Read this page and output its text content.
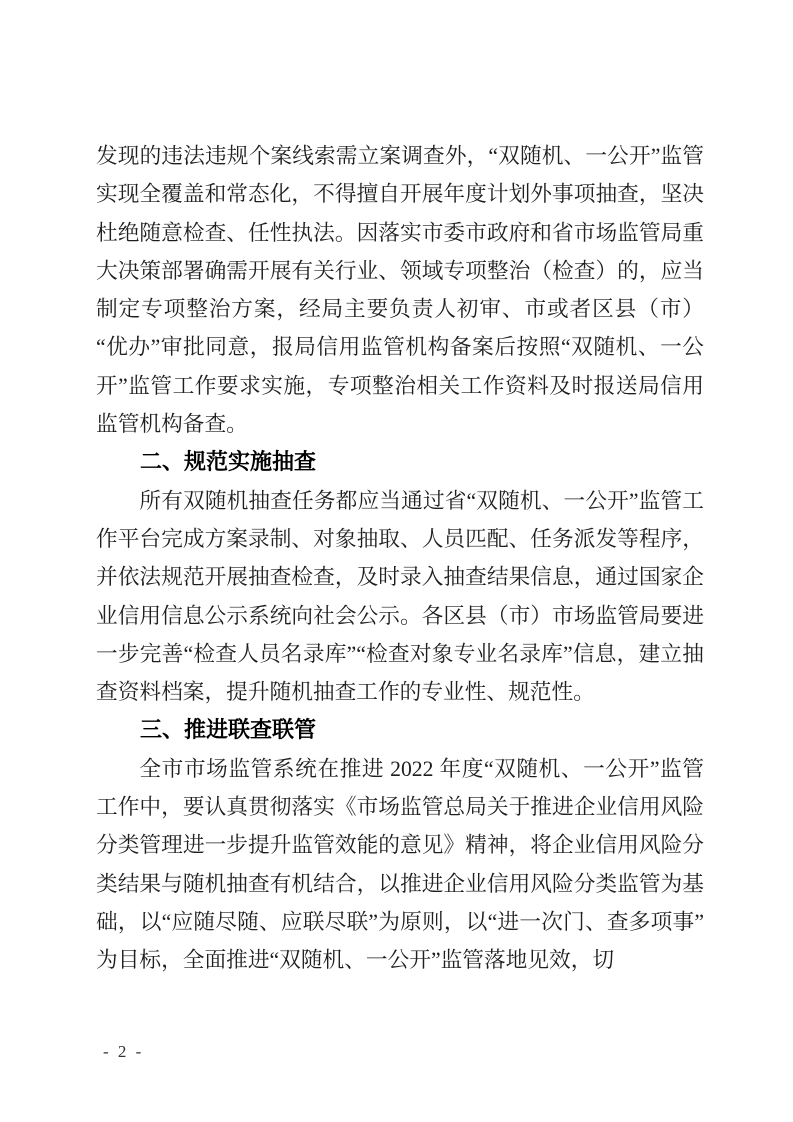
发现的违法违规个案线索需立案调查外，“双随机、一公开”监管实现全覆盖和常态化，不得擅自开展年度计划外事项抽查，坚决杜绝随意检查、任性执法。因落实市委市政府和省市场监管局重大决策部署确需开展有关行业、领域专项整治（检查）的，应当制定专项整治方案，经局主要负责人初审、市或者区县（市）“优办”审批同意，报局信用监管机构备案后按照“双随机、一公开”监管工作要求实施，专项整治相关工作资料及时报送局信用监管机构备查。

二、规范实施抽查

所有双随机抽查任务都应当通过省“双随机、一公开”监管工作平台完成方案录制、对象抽取、人员匹配、任务派发等程序，并依法规范开展抽查检查，及时录入抽查结果信息，通过国家企业信用信息公示系统向社会公示。各区县（市）市场监管局要进一步完善“检查人员名录库”“检查对象专业名录库”信息，建立抽查资料档案，提升随机抽查工作的专业性、规范性。

三、推进联查联管

全市市场监管系统在推进 2022 年度“双随机、一公开”监管工作中，要认真贯彻落实《市场监管总局关于推进企业信用风险分类管理进一步提升监管效能的意见》精神，将企业信用风险分类结果与随机抽查有机结合，以推进企业信用风险分类监管为基础，以“应随尽随、应联尽联”为原则，以“进一次门、查多项事”为目标，全面推进“双随机、一公开”监管落地见效，切

- 2 -
